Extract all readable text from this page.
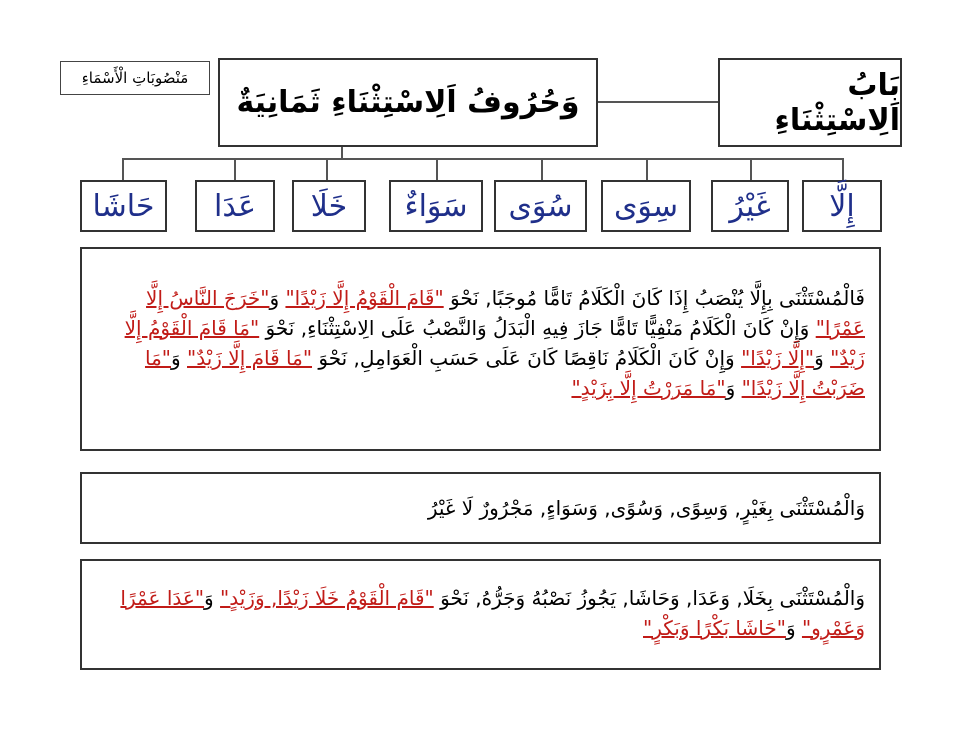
مَنْصُوبَاتِ الْأَسْمَاءِ	بَابُ اَلِاسْتِثْنَاءِ
وَحُرُوفُ اَلِاسْتِثْنَاءِ ثَمَانِيَةٌ
إِلَّا
غَيْرُ
سِوَى
سُوَى
سَوَاءٌ
خَلَا
عَدَا
حَاشَا
فَالْمُسْتَثْنَى بِإِلَّا يُنْصَبُ إِذَا كَانَ الْكَلَامُ تَامًّا مُوجَبًا, نَحْوَ "قَامَ الْقَوْمُ إِلَّا زَيْدًا" وَ"خَرَجَ النَّاسُ إِلَّا عَمْرًا" وَإِنْ كَانَ الْكَلَامُ مَنْفِيًّا تَامًّا جَازَ فِيهِ الْبَدَلُ وَالنَّصْبُ عَلَى الِاسْتِثْنَاءِ, نَحْوَ "مَا قَامَ الْقَوْمُ إِلَّا زَيْدٌ" وَ"إِلَّا زَيْدًا" وَإِنْ كَانَ الْكَلَامُ نَاقِصًا كَانَ عَلَى حَسَبِ الْعَوَامِلِ, نَحْوَ "مَا قَامَ إِلَّا زَيْدٌ" وَ"مَا ضَرَبْتُ إِلَّا زَيْدًا" وَ"مَا مَرَرْتُ إِلَّا بِزَيْدٍ"
وَالْمُسْتَثْنَى بِغَيْرٍ, وَسِوًى, وَسُوًى, وَسَوَاءٍ, مَجْرُورٌ لَا غَيْرُ
وَالْمُسْتَثْنَى بِخَلَا, وَعَدَا, وَحَاشَا, يَجُوزُ نَصْبُهُ وَجَرُّهُ, نَحْوَ "قَامَ الْقَوْمُ خَلَا زَيْدًا, وَزَيْدٍ" وَ"عَدَا عَمْرًا وَعَمْرٍو" وَ"حَاشَا بَكْرًا وَبَكْرٍ"
